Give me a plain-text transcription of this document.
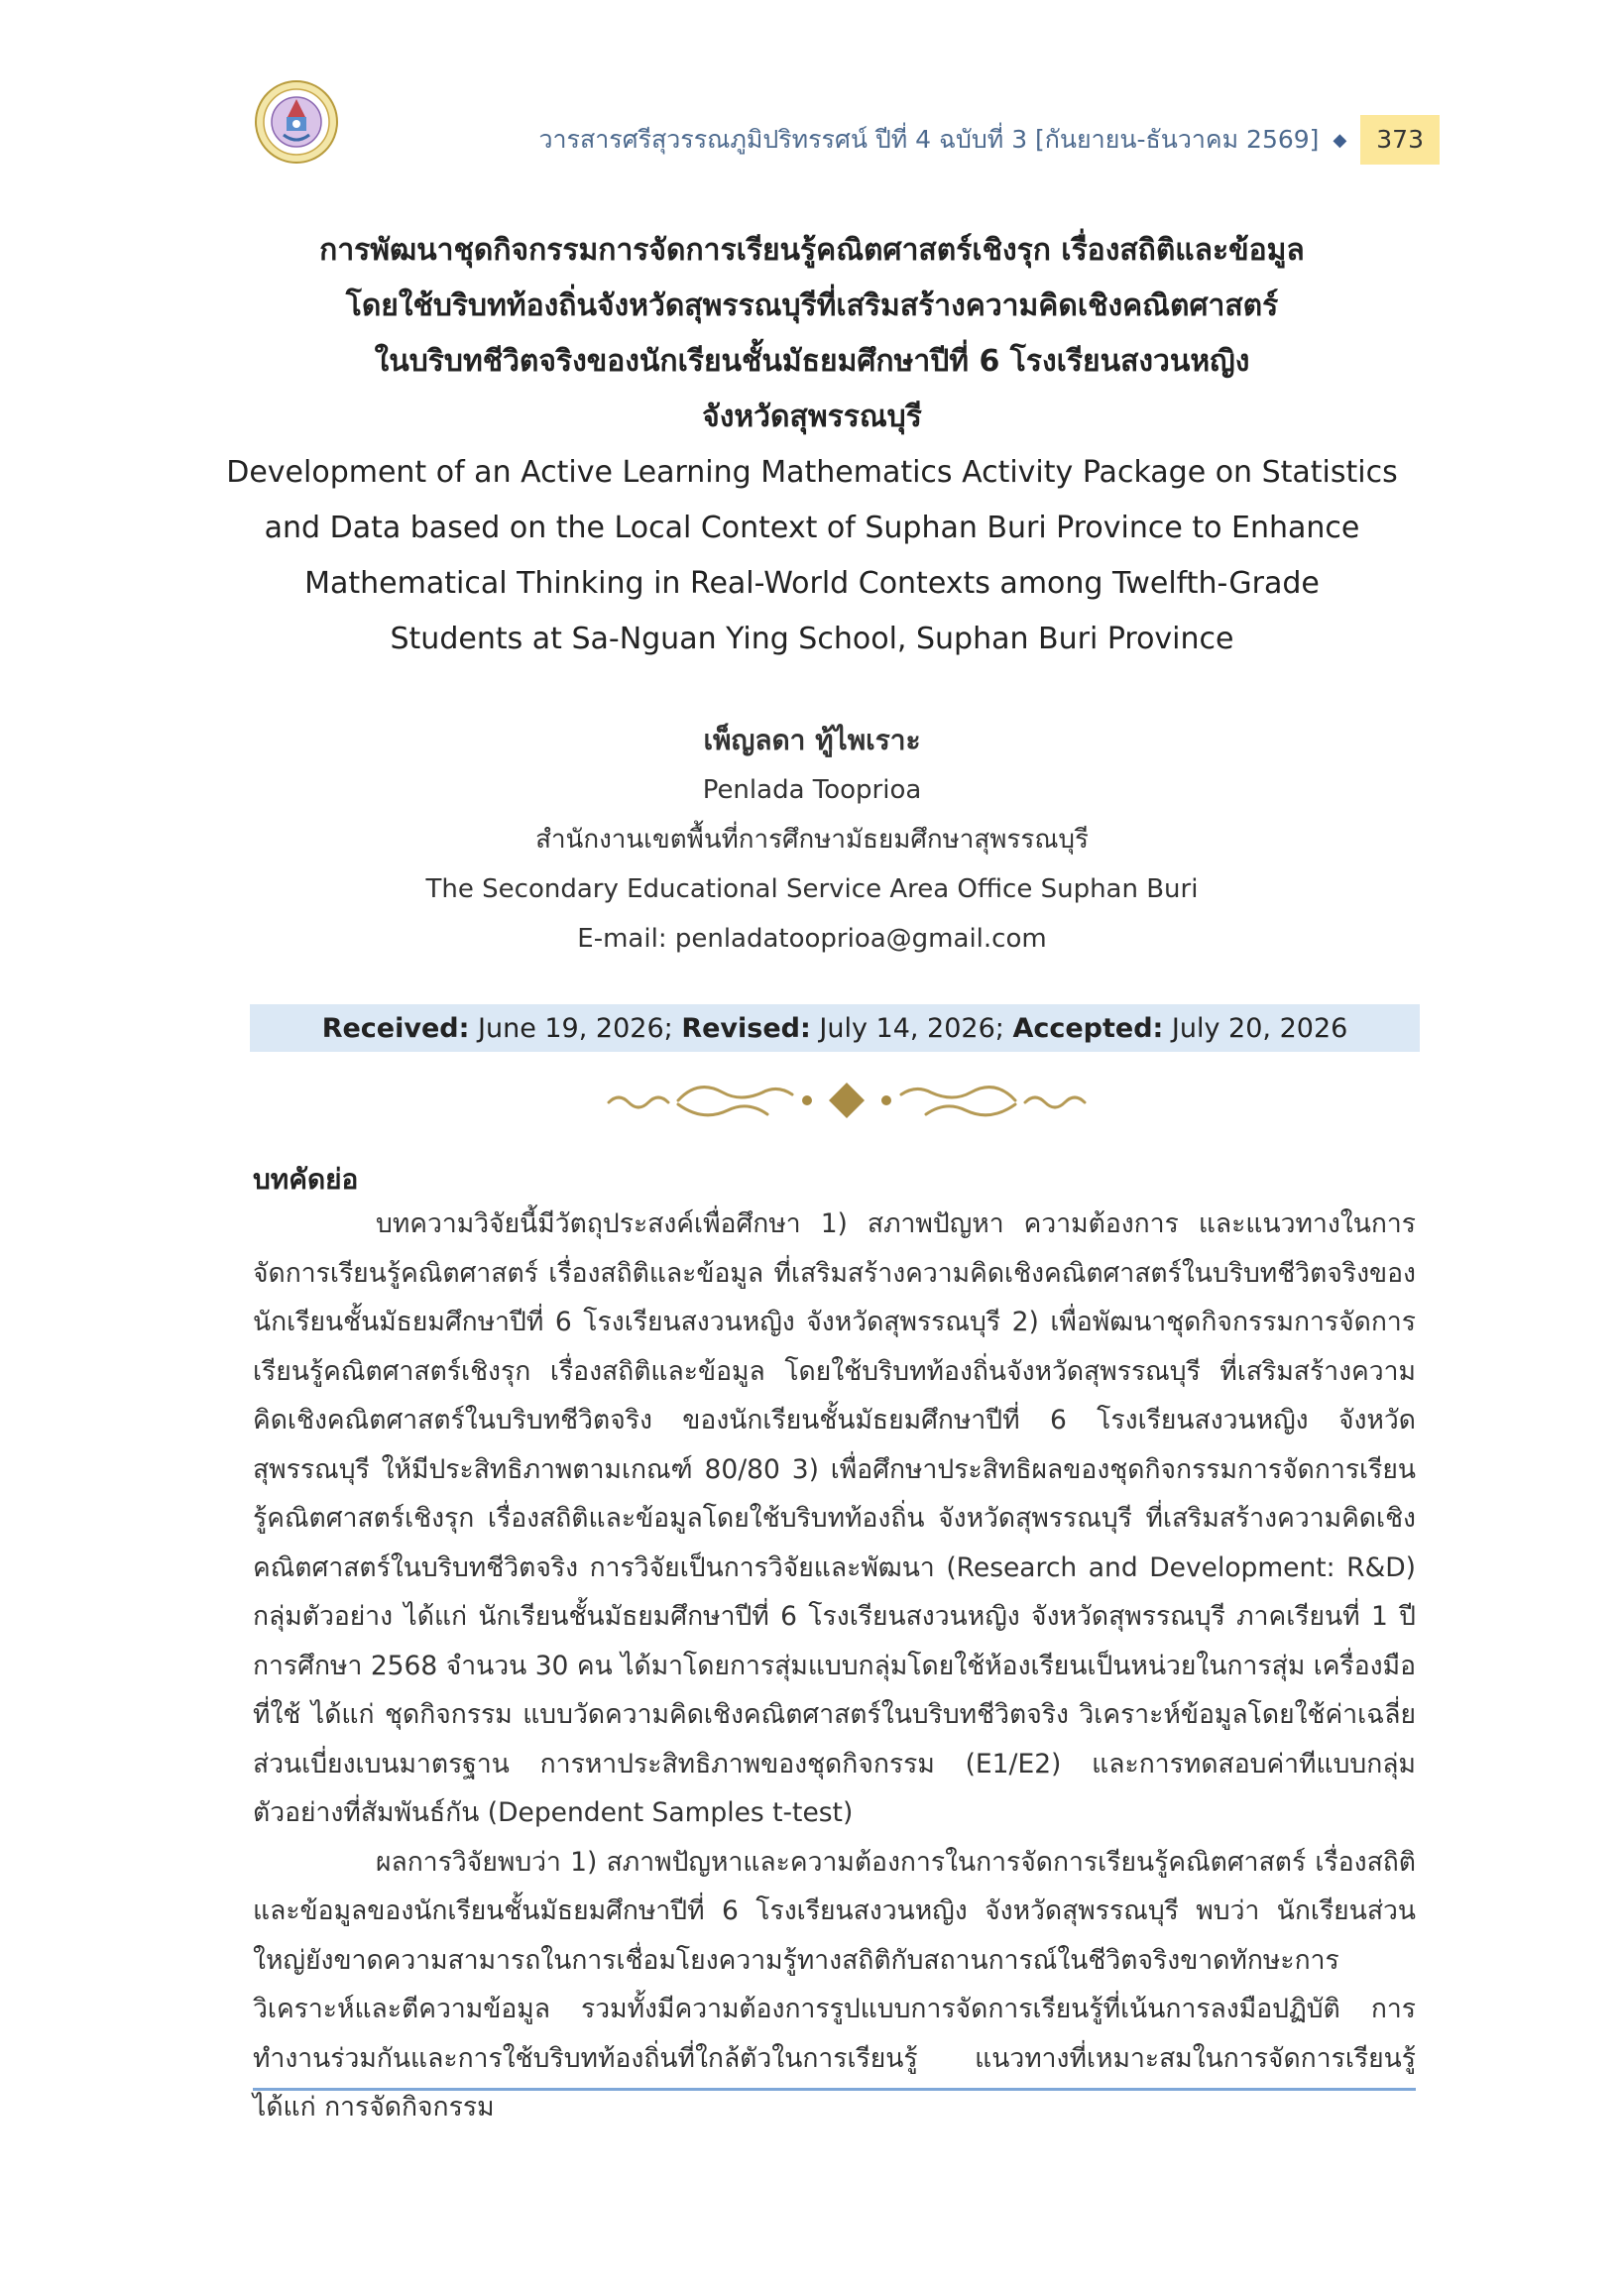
วารสารศรีสุวรรณภูมิปริทรรศน์ ปีที่ 4 ฉบับที่ 3 [กันยายน-ธันวาคม 2569] ◆	373

การพัฒนาชุดกิจกรรมการจัดการเรียนรู้คณิตศาสตร์เชิงรุก เรื่องสถิติและข้อมูล

โดยใช้บริบทท้องถิ่นจังหวัดสุพรรณบุรีที่เสริมสร้างความคิดเชิงคณิตศาสตร์

ในบริบทชีวิตจริงของนักเรียนชั้นมัธยมศึกษาปีที่ 6 โรงเรียนสงวนหญิง

จังหวัดสุพรรณบุรี

Development of an Active Learning Mathematics Activity Package on Statistics

and Data based on the Local Context of Suphan Buri Province to Enhance

Mathematical Thinking in Real-World Contexts among Twelfth-Grade

Students at Sa-Nguan Ying School, Suphan Buri Province

เพ็ญลดา ทู้ไพเราะ
Penlada Tooprioa
สำนักงานเขตพื้นที่การศึกษามัธยมศึกษาสุพรรณบุรี
The Secondary Educational Service Area Office Suphan Buri
E-mail: penladatooprioa@gmail.com
Received: June 19, 2026; Revised: July 14, 2026; Accepted: July 20, 2026
บทคัดย่อ

บทความวิจัยนี้มีวัตถุประสงค์เพื่อศึกษา 1) สภาพปัญหา ความต้องการ และแนวทางในการจัดการเรียนรู้คณิตศาสตร์ เรื่องสถิติและข้อมูล ที่เสริมสร้างความคิดเชิงคณิตศาสตร์ในบริบทชีวิตจริงของนักเรียนชั้นมัธยมศึกษาปีที่ 6 โรงเรียนสงวนหญิง จังหวัดสุพรรณบุรี 2) เพื่อพัฒนาชุดกิจกรรมการจัดการเรียนรู้คณิตศาสตร์เชิงรุก เรื่องสถิติและข้อมูล โดยใช้บริบทท้องถิ่นจังหวัดสุพรรณบุรี ที่เสริมสร้างความคิดเชิงคณิตศาสตร์ในบริบทชีวิตจริง ของนักเรียนชั้นมัธยมศึกษาปีที่ 6 โรงเรียนสงวนหญิง จังหวัดสุพรรณบุรี ให้มีประสิทธิภาพตามเกณฑ์ 80/80 3) เพื่อศึกษาประสิทธิผลของชุดกิจกรรมการจัดการเรียนรู้คณิตศาสตร์เชิงรุก เรื่องสถิติและข้อมูลโดยใช้บริบทท้องถิ่น จังหวัดสุพรรณบุรี ที่เสริมสร้างความคิดเชิงคณิตศาสตร์ในบริบทชีวิตจริง การวิจัยเป็นการวิจัยและพัฒนา (Research and Development: R&D) กลุ่มตัวอย่าง ได้แก่ นักเรียนชั้นมัธยมศึกษาปีที่ 6 โรงเรียนสงวนหญิง จังหวัดสุพรรณบุรี ภาคเรียนที่ 1 ปีการศึกษา 2568 จำนวน 30 คน ได้มาโดยการสุ่มแบบกลุ่มโดยใช้ห้องเรียนเป็นหน่วยในการสุ่ม เครื่องมือที่ใช้ ได้แก่ ชุดกิจกรรม แบบวัดความคิดเชิงคณิตศาสตร์ในบริบทชีวิตจริง วิเคราะห์ข้อมูลโดยใช้ค่าเฉลี่ย ส่วนเบี่ยงเบนมาตรฐาน การหาประสิทธิภาพของชุดกิจกรรม (E1/E2) และการทดสอบค่าทีแบบกลุ่มตัวอย่างที่สัมพันธ์กัน (Dependent Samples t-test)

ผลการวิจัยพบว่า 1) สภาพปัญหาและความต้องการในการจัดการเรียนรู้คณิตศาสตร์ เรื่องสถิติและข้อมูลของนักเรียนชั้นมัธยมศึกษาปีที่ 6 โรงเรียนสงวนหญิง จังหวัดสุพรรณบุรี พบว่า นักเรียนส่วนใหญ่ยังขาดความสามารถในการเชื่อมโยงความรู้ทางสถิติกับสถานการณ์ในชีวิตจริงขาดทักษะการวิเคราะห์และตีความข้อมูล รวมทั้งมีความต้องการรูปแบบการจัดการเรียนรู้ที่เน้นการลงมือปฏิบัติ การทำงานร่วมกันและการใช้บริบทท้องถิ่นที่ใกล้ตัวในการเรียนรู้ แนวทางที่เหมาะสมในการจัดการเรียนรู้ ได้แก่ การจัดกิจกรรม
